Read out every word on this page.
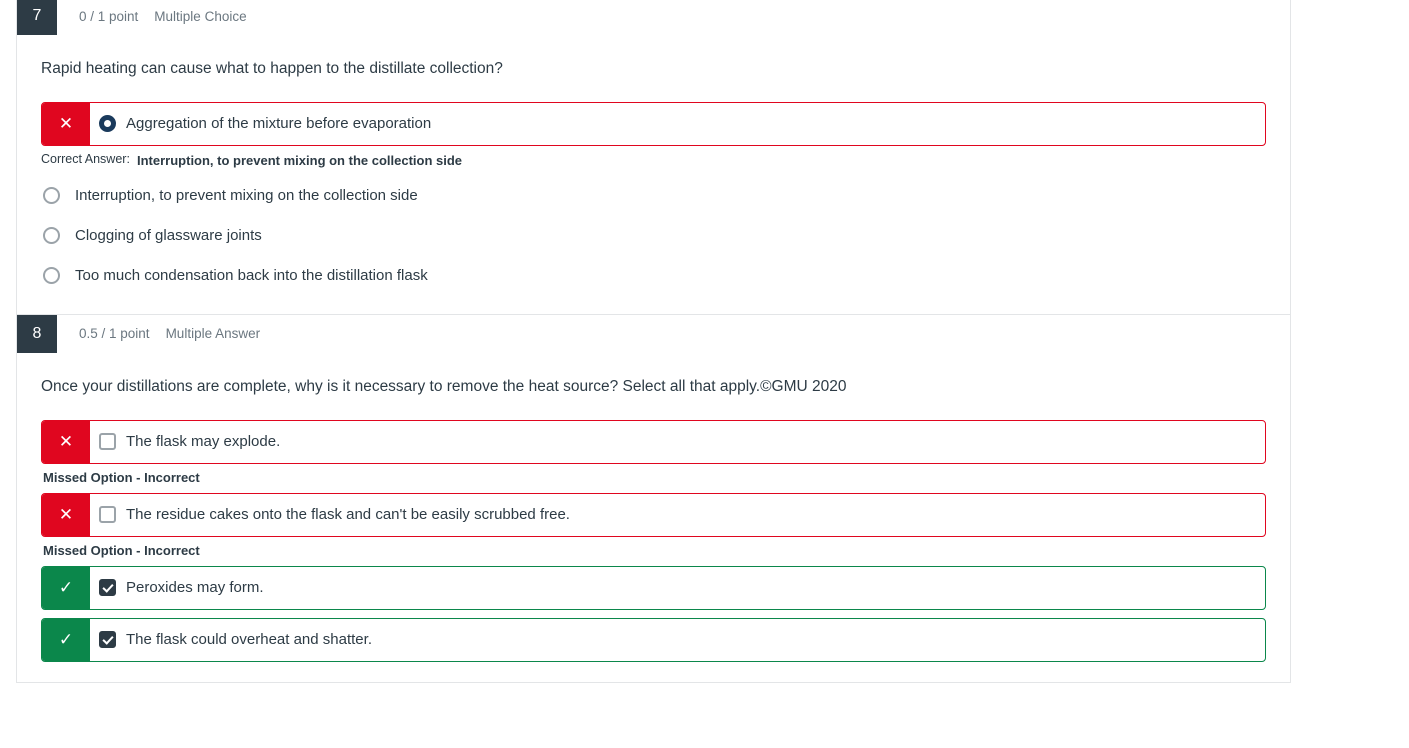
7	0 / 1 point Multiple Choice
Rapid heating can cause what to happen to the distillate collection?
✕	Aggregation of the mixture before evaporation
Correct Answer: Interruption, to prevent mixing on the collection side
Interruption, to prevent mixing on the collection side
Clogging of glassware joints
Too much condensation back into the distillation flask
8	0.5 / 1 point Multiple Answer
Once your distillations are complete, why is it necessary to remove the heat source? Select all that apply.©GMU 2020
✕	The flask may explode.
Missed Option - Incorrect
✕	The residue cakes onto the flask and can't be easily scrubbed free.
Missed Option - Incorrect
✓	Peroxides may form.
✓	The flask could overheat and shatter.
